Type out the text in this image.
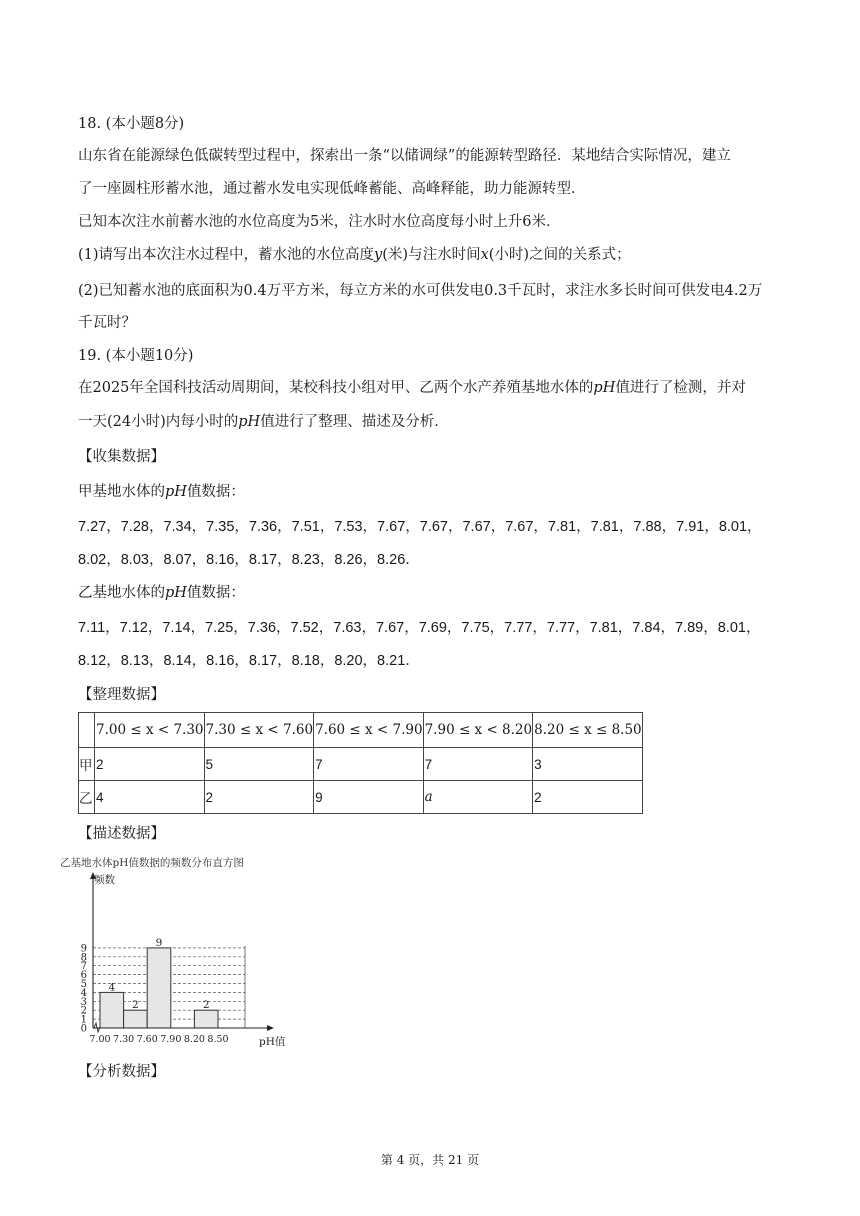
18. (本小题8分)
山东省在能源绿色低碳转型过程中，探索出一条“以储调绿”的能源转型路径．某地结合实际情况，建立
了一座圆柱形蓄水池，通过蓄水发电实现低峰蓄能、高峰释能，助力能源转型．
已知本次注水前蓄水池的水位高度为5米，注水时水位高度每小时上升6米．
(1)请写出本次注水过程中，蓄水池的水位高度y(米)与注水时间x(小时)之间的关系式；
(2)已知蓄水池的底面积为0.4万平方米，每立方米的水可供发电0.3千瓦时，求注水多长时间可供发电4.2万
千瓦时？
19. (本小题10分)
在2025年全国科技活动周期间，某校科技小组对甲、乙两个水产养殖基地水体的pH值进行了检测，并对
一天(24小时)内每小时的pH值进行了整理、描述及分析．
【收集数据】
甲基地水体的pH值数据：
7.27，7.28，7.34，7.35，7.36，7.51，7.53，7.67，7.67，7.67，7.67，7.81，7.81，7.88，7.91，8.01，
8.02，8.03，8.07，8.16，8.17，8.23，8.26，8.26．
乙基地水体的pH值数据：
7.11，7.12，7.14，7.25，7.36，7.52，7.63，7.67，7.69，7.75，7.77，7.77，7.81，7.84，7.89，8.01，
8.12，8.13，8.14，8.16，8.17，8.18，8.20，8.21．
【整理数据】
	7.00 ≤ x < 7.30	7.30 ≤ x < 7.60	7.60 ≤ x < 7.90	7.90 ≤ x < 8.20	8.20 ≤ x ≤ 8.50
甲	2	5	7	7	3
乙	4	2	9	a	2
【描述数据】
乙基地水体pH值数据的频数分布直方图
0
1
2
3
4
5
6
7
8
9
7.00 7.30 7.60 7.90 8.20 8.50
4
2
9
2
频数
pH值
【分析数据】
第 4 页，共 21 页
